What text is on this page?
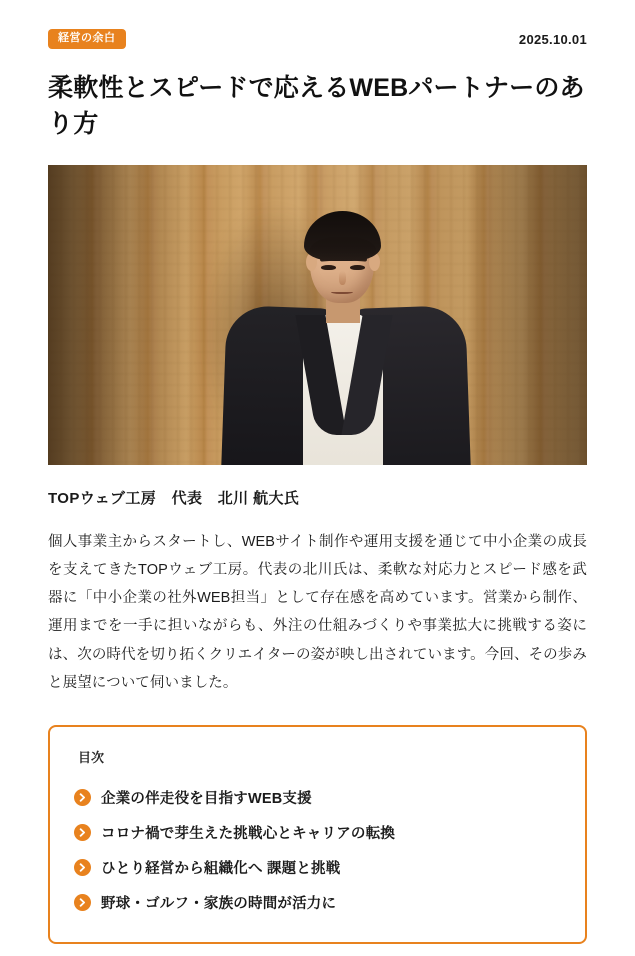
経営の余白	2025.10.01
柔軟性とスピードで応えるWEBパートナーのあり方

TOPウェブ工房　代表　北川 航大氏

個人事業主からスタートし、WEBサイト制作や運用支援を通じて中小企業の成長を支えてきたTOPウェブ工房。代表の北川氏は、柔軟な対応力とスピード感を武器に「中小企業の社外WEB担当」として存在感を高めています。営業から制作、運用までを一手に担いながらも、外注の仕組みづくりや事業拡大に挑戦する姿には、次の時代を切り拓くクリエイターの姿が映し出されています。今回、その歩みと展望について伺いました。

目次
企業の伴走役を目指すWEB支援
コロナ禍で芽生えた挑戦心とキャリアの転換
ひとり経営から組織化へ 課題と挑戦
野球・ゴルフ・家族の時間が活力に
